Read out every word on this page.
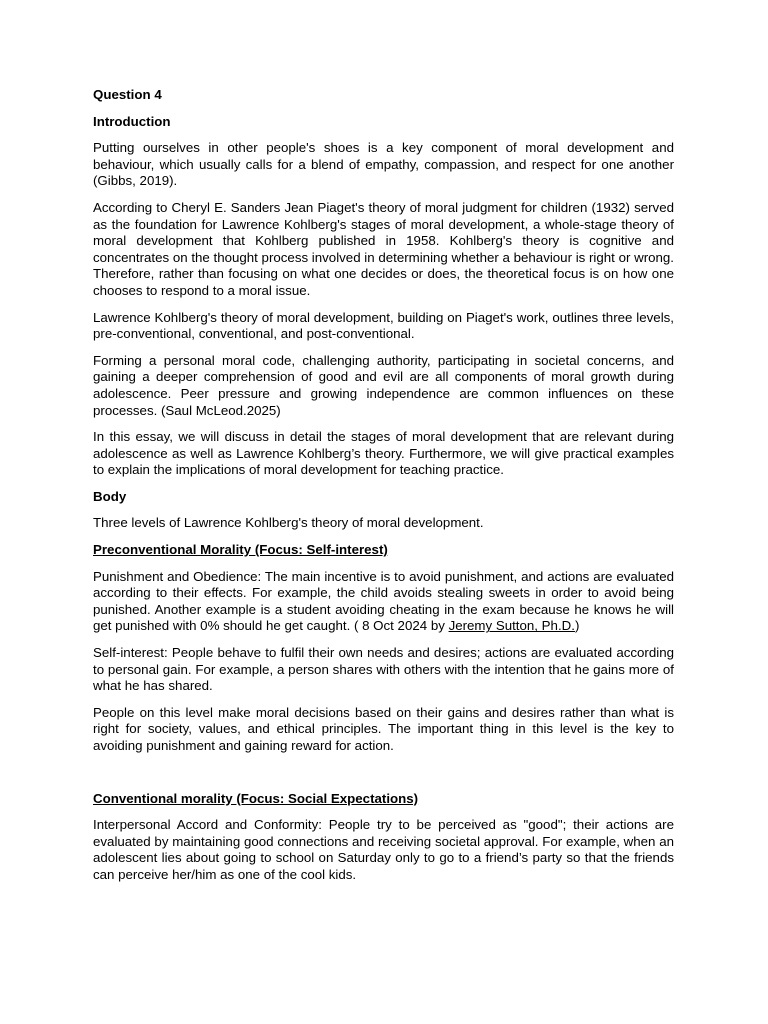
Question 4

Introduction

Putting ourselves in other people's shoes is a key component of moral development and behaviour, which usually calls for a blend of empathy, compassion, and respect for one another (Gibbs, 2019).

According to Cheryl E. Sanders Jean Piaget's theory of moral judgment for children (1932) served as the foundation for Lawrence Kohlberg's stages of moral development, a whole-stage theory of moral development that Kohlberg published in 1958. Kohlberg's theory is cognitive and concentrates on the thought process involved in determining whether a behaviour is right or wrong. Therefore, rather than focusing on what one decides or does, the theoretical focus is on how one chooses to respond to a moral issue.

Lawrence Kohlberg's theory of moral development, building on Piaget's work, outlines three levels, pre-conventional, conventional, and post-conventional.

Forming a personal moral code, challenging authority, participating in societal concerns, and gaining a deeper comprehension of good and evil are all components of moral growth during adolescence. Peer pressure and growing independence are common influences on these processes. (Saul McLeod.2025)

In this essay, we will discuss in detail the stages of moral development that are relevant during adolescence as well as Lawrence Kohlberg’s theory. Furthermore, we will give practical examples to explain the implications of moral development for teaching practice.

Body

Three levels of Lawrence Kohlberg's theory of moral development.

Preconventional Morality (Focus: Self-interest)

Punishment and Obedience: The main incentive is to avoid punishment, and actions are evaluated according to their effects. For example, the child avoids stealing sweets in order to avoid being punished. Another example is a student avoiding cheating in the exam because he knows he will get punished with 0% should he get caught. ( 8 Oct 2024 by Jeremy Sutton, Ph.D.)

Self-interest: People behave to fulfil their own needs and desires; actions are evaluated according to personal gain. For example, a person shares with others with the intention that he gains more of what he has shared.

People on this level make moral decisions based on their gains and desires rather than what is right for society, values, and ethical principles. The important thing in this level is the key to avoiding punishment and gaining reward for action.

Conventional morality (Focus: Social Expectations)

Interpersonal Accord and Conformity: People try to be perceived as "good"; their actions are evaluated by maintaining good connections and receiving societal approval. For example, when an adolescent lies about going to school on Saturday only to go to a friend’s party so that the friends can perceive her/him as one of the cool kids.
